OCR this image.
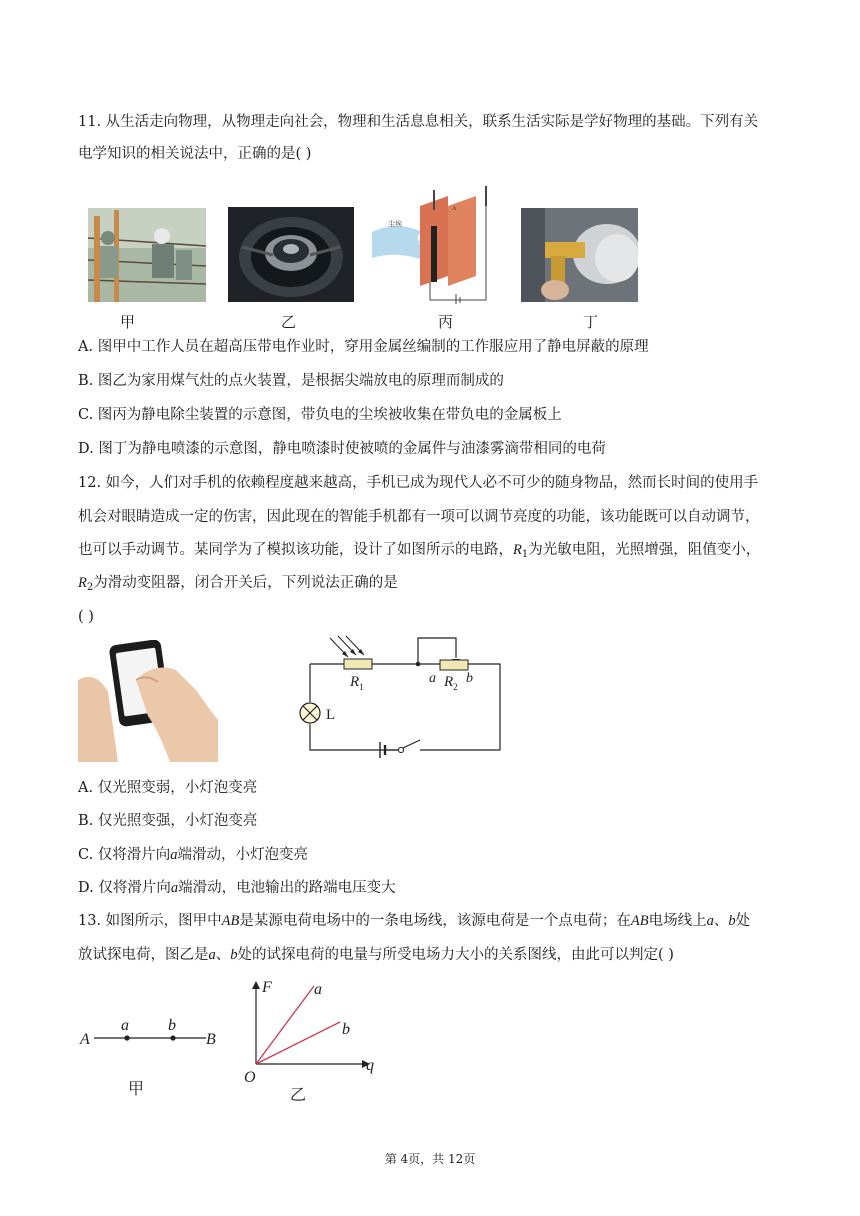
11. 从生活走向物理，从物理走向社会，物理和生活息息相关，联系生活实际是学好物理的基础。下列有关
电学知识的相关说法中，正确的是( )
甲	乙
尘埃
A
丙	丁
A. 图甲中工作人员在超高压带电作业时，穿用金属丝编制的工作服应用了静电屏蔽的原理
B. 图乙为家用煤气灶的点火装置，是根据尖端放电的原理而制成的
C. 图丙为静电除尘装置的示意图，带负电的尘埃被收集在带负电的金属板上
D. 图丁为静电喷漆的示意图，静电喷漆时使被喷的金属件与油漆雾滴带相同的电荷
12. 如今，人们对手机的依赖程度越来越高，手机已成为现代人必不可少的随身物品，然而长时间的使用手
机会对眼睛造成一定的伤害，因此现在的智能手机都有一项可以调节亮度的功能，该功能既可以自动调节，
也可以手动调节。某同学为了模拟该功能，设计了如图所示的电路，$R_1$为光敏电阻，光照增强，阻值变小，
$R_2$为滑动变阻器，闭合开关后，下列说法正确的是
( )
$R_1$
a $R_2$
b
L
A. 仅光照变弱，小灯泡变亮
B. 仅光照变强，小灯泡变亮
C. 仅将滑片向a端滑动，小灯泡变亮
D. 仅将滑片向a端滑动，电池输出的路端电压变大
13. 如图所示，图甲中AB是某源电荷电场中的一条电场线，该源电荷是一个点电荷；在AB电场线上a、b处
放试探电荷，图乙是a、b处的试探电荷的电量与所受电场力大小的关系图线，由此可以判定( )
A
a b
B
甲
F	a
b
q
O
乙
第 4页，共 12页
